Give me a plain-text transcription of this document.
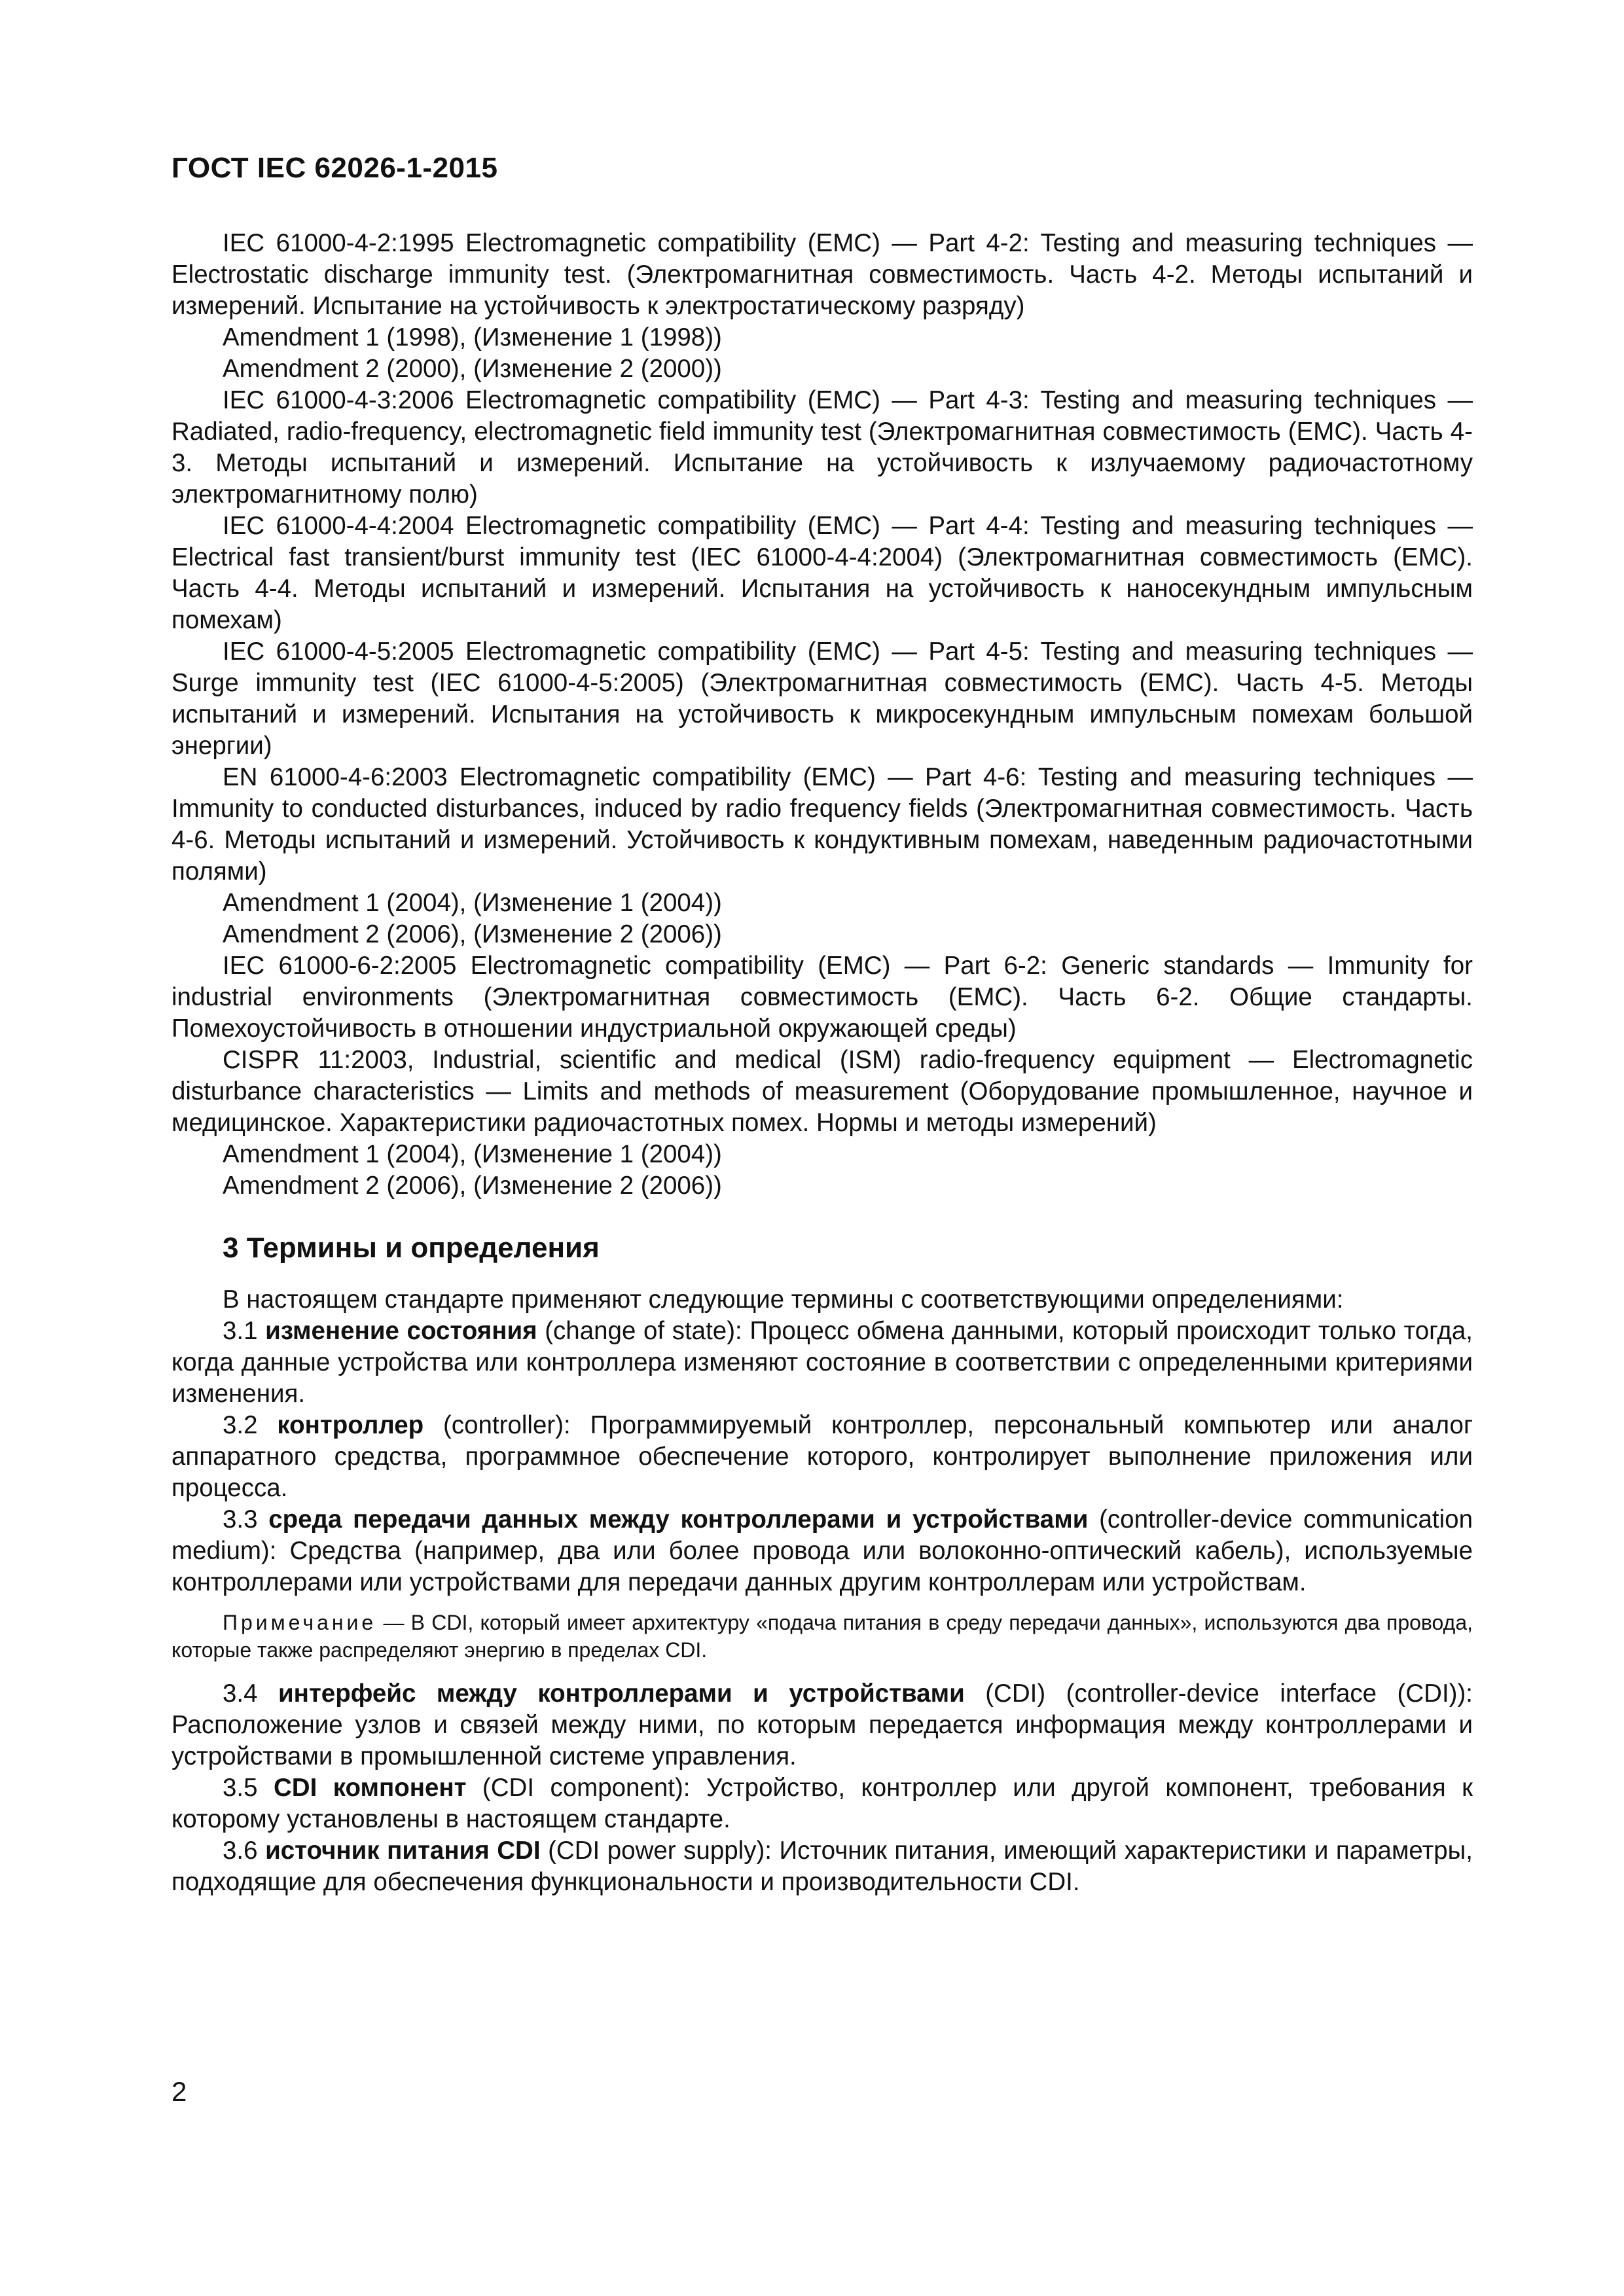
ГОСТ IEC 62026-1-2015

IEC 61000-4-2:1995 Electromagnetic compatibility (EMC) — Part 4-2: Testing and measuring techniques — Electrostatic discharge immunity test. (Электромагнитная совместимость. Часть 4-2. Методы испытаний и измерений. Испытание на устойчивость к электростатическому разряду)

Amendment 1 (1998), (Изменение 1 (1998))

Amendment 2 (2000), (Изменение 2 (2000))

IEC 61000-4-3:2006 Electromagnetic compatibility (EMC) — Part 4-3: Testing and measuring techniques — Radiated, radio-frequency, electromagnetic field immunity test (Электромагнитная совместимость (EMC). Часть 4-3. Методы испытаний и измерений. Испытание на устойчивость к излучаемому радиочастотному электромагнитному полю)

IEC 61000-4-4:2004 Electromagnetic compatibility (EMC) — Part 4-4: Testing and measuring techniques — Electrical fast transient/burst immunity test (IEC 61000-4-4:2004) (Электромагнитная совместимость (EMC). Часть 4-4. Методы испытаний и измерений. Испытания на устойчивость к наносекундным импульсным помехам)

IEC 61000-4-5:2005 Electromagnetic compatibility (EMC) — Part 4-5: Testing and measuring techniques — Surge immunity test (IEC 61000-4-5:2005) (Электромагнитная совместимость (EMC). Часть 4-5. Методы испытаний и измерений. Испытания на устойчивость к микросекундным импульсным помехам большой энергии)

EN 61000-4-6:2003 Electromagnetic compatibility (EMC) — Part 4-6: Testing and measuring techniques — Immunity to conducted disturbances, induced by radio frequency fields (Электромагнитная совместимость. Часть 4-6. Методы испытаний и измерений. Устойчивость к кондуктивным помехам, наведенным радиочастотными полями)

Amendment 1 (2004), (Изменение 1 (2004))

Amendment 2 (2006), (Изменение 2 (2006))

IEC 61000-6-2:2005 Electromagnetic compatibility (EMC) — Part 6-2: Generic standards — Immunity for industrial environments (Электромагнитная совместимость (EMC). Часть 6-2. Общие стандарты. Помехоустойчивость в отношении индустриальной окружающей среды)

CISPR 11:2003, Industrial, scientific and medical (ISM) radio-frequency equipment — Electromagnetic disturbance characteristics — Limits and methods of measurement (Оборудование промышленное, научное и медицинское. Характеристики радиочастотных помех. Нормы и методы измерений)

Amendment 1 (2004), (Изменение 1 (2004))

Amendment 2 (2006), (Изменение 2 (2006))

3 Термины и определения

В настоящем стандарте применяют следующие термины с соответствующими определениями:

3.1 изменение состояния (change of state): Процесс обмена данными, который происходит только тогда, когда данные устройства или контроллера изменяют состояние в соответствии с определенными критериями изменения.

3.2 контроллер (controller): Программируемый контроллер, персональный компьютер или аналог аппаратного средства, программное обеспечение которого, контролирует выполнение приложения или процесса.

3.3 среда передачи данных между контроллерами и устройствами (controller-device communication medium): Средства (например, два или более провода или волоконно-оптический кабель), используемые контроллерами или устройствами для передачи данных другим контроллерам или устройствам.

Примечание — В CDI, который имеет архитектуру «подача питания в среду передачи данных», используются два провода, которые также распределяют энергию в пределах CDI.

3.4 интерфейс между контроллерами и устройствами (CDI) (controller-device interface (CDI)): Расположение узлов и связей между ними, по которым передается информация между контроллерами и устройствами в промышленной системе управления.

3.5 CDI компонент (CDI component): Устройство, контроллер или другой компонент, требования к которому установлены в настоящем стандарте.

3.6 источник питания CDI (CDI power supply): Источник питания, имеющий характеристики и параметры, подходящие для обеспечения функциональности и производительности CDI.

2
